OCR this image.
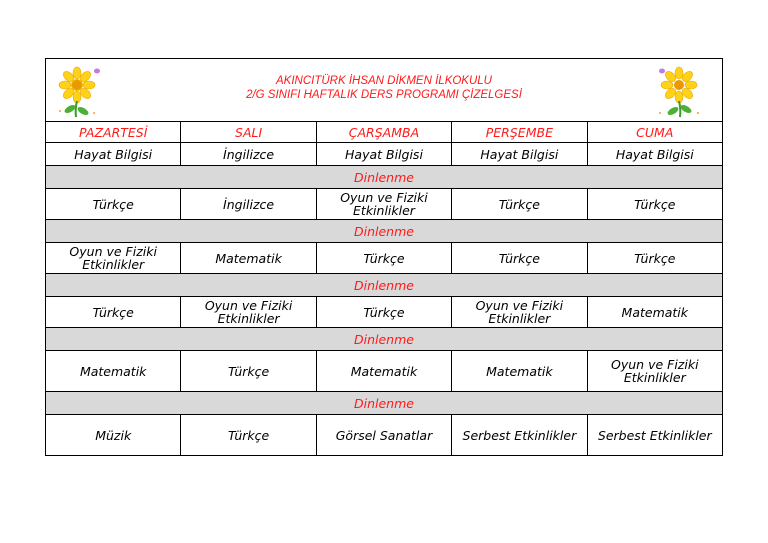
AKINCITÜRK İHSAN DİKMEN İLKOKULU
2/G SINIFI HAFTALIK DERS PROGRAMI ÇİZELGESİ
PAZARTESİ	SALI	ÇARŞAMBA	PERŞEMBE	CUMA
Hayat Bilgisi	İngilizce	Hayat Bilgisi	Hayat Bilgisi	Hayat Bilgisi
Dinlenme				
Türkçe	İngilizce	Oyun ve Fiziki Etkinlikler	Türkçe	Türkçe
Dinlenme				
Oyun ve Fiziki Etkinlikler	Matematik	Türkçe	Türkçe	Türkçe
Dinlenme				
Türkçe	Oyun ve Fiziki Etkinlikler	Türkçe	Oyun ve Fiziki Etkinlikler	Matematik
Dinlenme				
Matematik	Türkçe	Matematik	Matematik	Oyun ve Fiziki Etkinlikler
Dinlenme				
Müzik	Türkçe	Görsel Sanatlar	Serbest Etkinlikler	Serbest Etkinlikler
